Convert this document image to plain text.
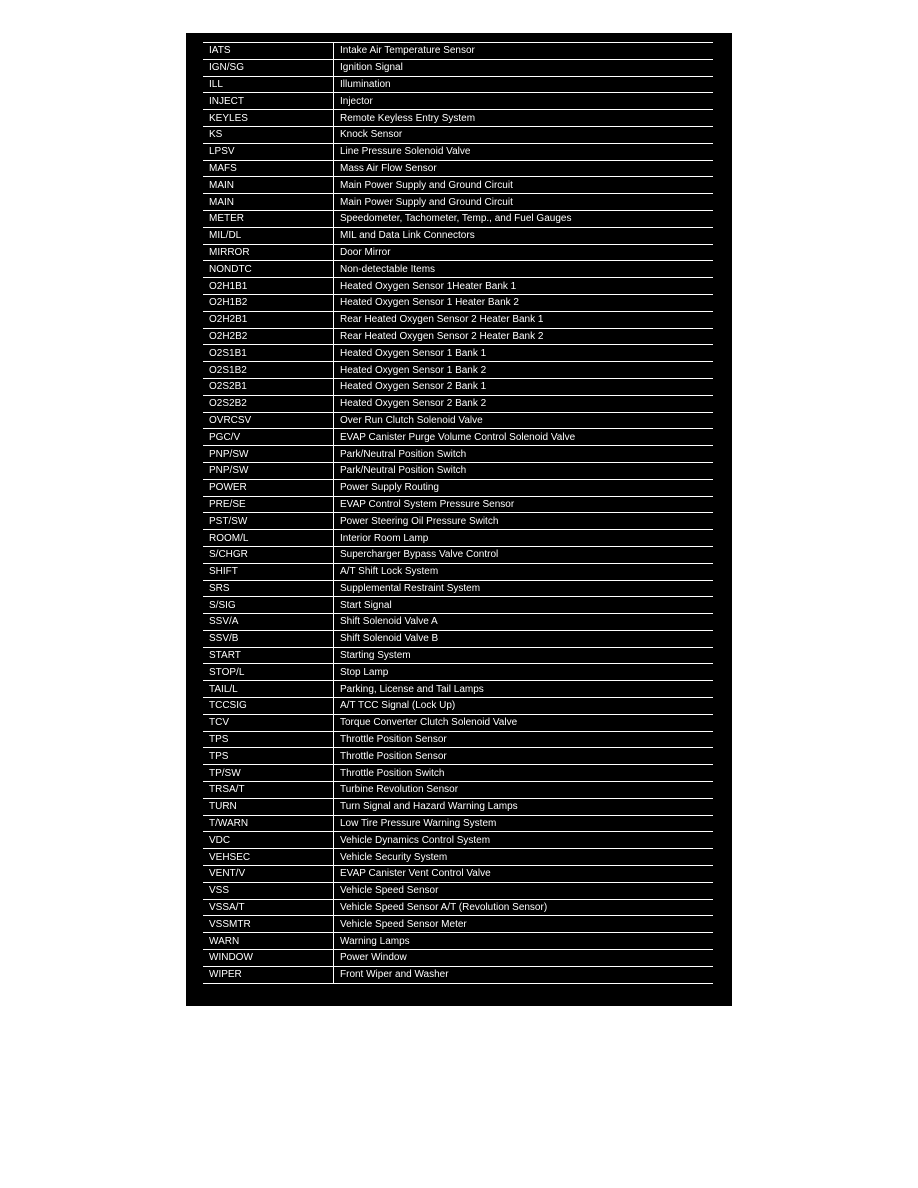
IATS	Intake Air Temperature Sensor
IGN/SG	Ignition Signal
ILL	Illumination
INJECT	Injector
KEYLES	Remote Keyless Entry System
KS	Knock Sensor
LPSV	Line Pressure Solenoid Valve
MAFS	Mass Air Flow Sensor
MAIN	Main Power Supply and Ground Circuit
MAIN	Main Power Supply and Ground Circuit
METER	Speedometer, Tachometer, Temp., and Fuel Gauges
MIL/DL	MIL and Data Link Connectors
MIRROR	Door Mirror
NONDTC	Non-detectable Items
O2H1B1	Heated Oxygen Sensor 1Heater Bank 1
O2H1B2	Heated Oxygen Sensor 1 Heater Bank 2
O2H2B1	Rear Heated Oxygen Sensor 2 Heater Bank 1
O2H2B2	Rear Heated Oxygen Sensor 2 Heater Bank 2
O2S1B1	Heated Oxygen Sensor 1 Bank 1
O2S1B2	Heated Oxygen Sensor 1 Bank 2
O2S2B1	Heated Oxygen Sensor 2 Bank 1
O2S2B2	Heated Oxygen Sensor 2 Bank 2
OVRCSV	Over Run Clutch Solenoid Valve
PGC/V	EVAP Canister Purge Volume Control Solenoid Valve
PNP/SW	Park/Neutral Position Switch
PNP/SW	Park/Neutral Position Switch
POWER	Power Supply Routing
PRE/SE	EVAP Control System Pressure Sensor
PST/SW	Power Steering Oil Pressure Switch
ROOM/L	Interior Room Lamp
S/CHGR	Supercharger Bypass Valve Control
SHIFT	A/T Shift Lock System
SRS	Supplemental Restraint System
S/SIG	Start Signal
SSV/A	Shift Solenoid Valve A
SSV/B	Shift Solenoid Valve B
START	Starting System
STOP/L	Stop Lamp
TAIL/L	Parking, License and Tail Lamps
TCCSIG	A/T TCC Signal (Lock Up)
TCV	Torque Converter Clutch Solenoid Valve
TPS	Throttle Position Sensor
TPS	Throttle Position Sensor
TP/SW	Throttle Position Switch
TRSA/T	Turbine Revolution Sensor
TURN	Turn Signal and Hazard Warning Lamps
T/WARN	Low Tire Pressure Warning System
VDC	Vehicle Dynamics Control System
VEHSEC	Vehicle Security System
VENT/V	EVAP Canister Vent Control Valve
VSS	Vehicle Speed Sensor
VSSA/T	Vehicle Speed Sensor A/T (Revolution Sensor)
VSSMTR	Vehicle Speed Sensor Meter
WARN	Warning Lamps
WINDOW	Power Window
WIPER	Front Wiper and Washer
